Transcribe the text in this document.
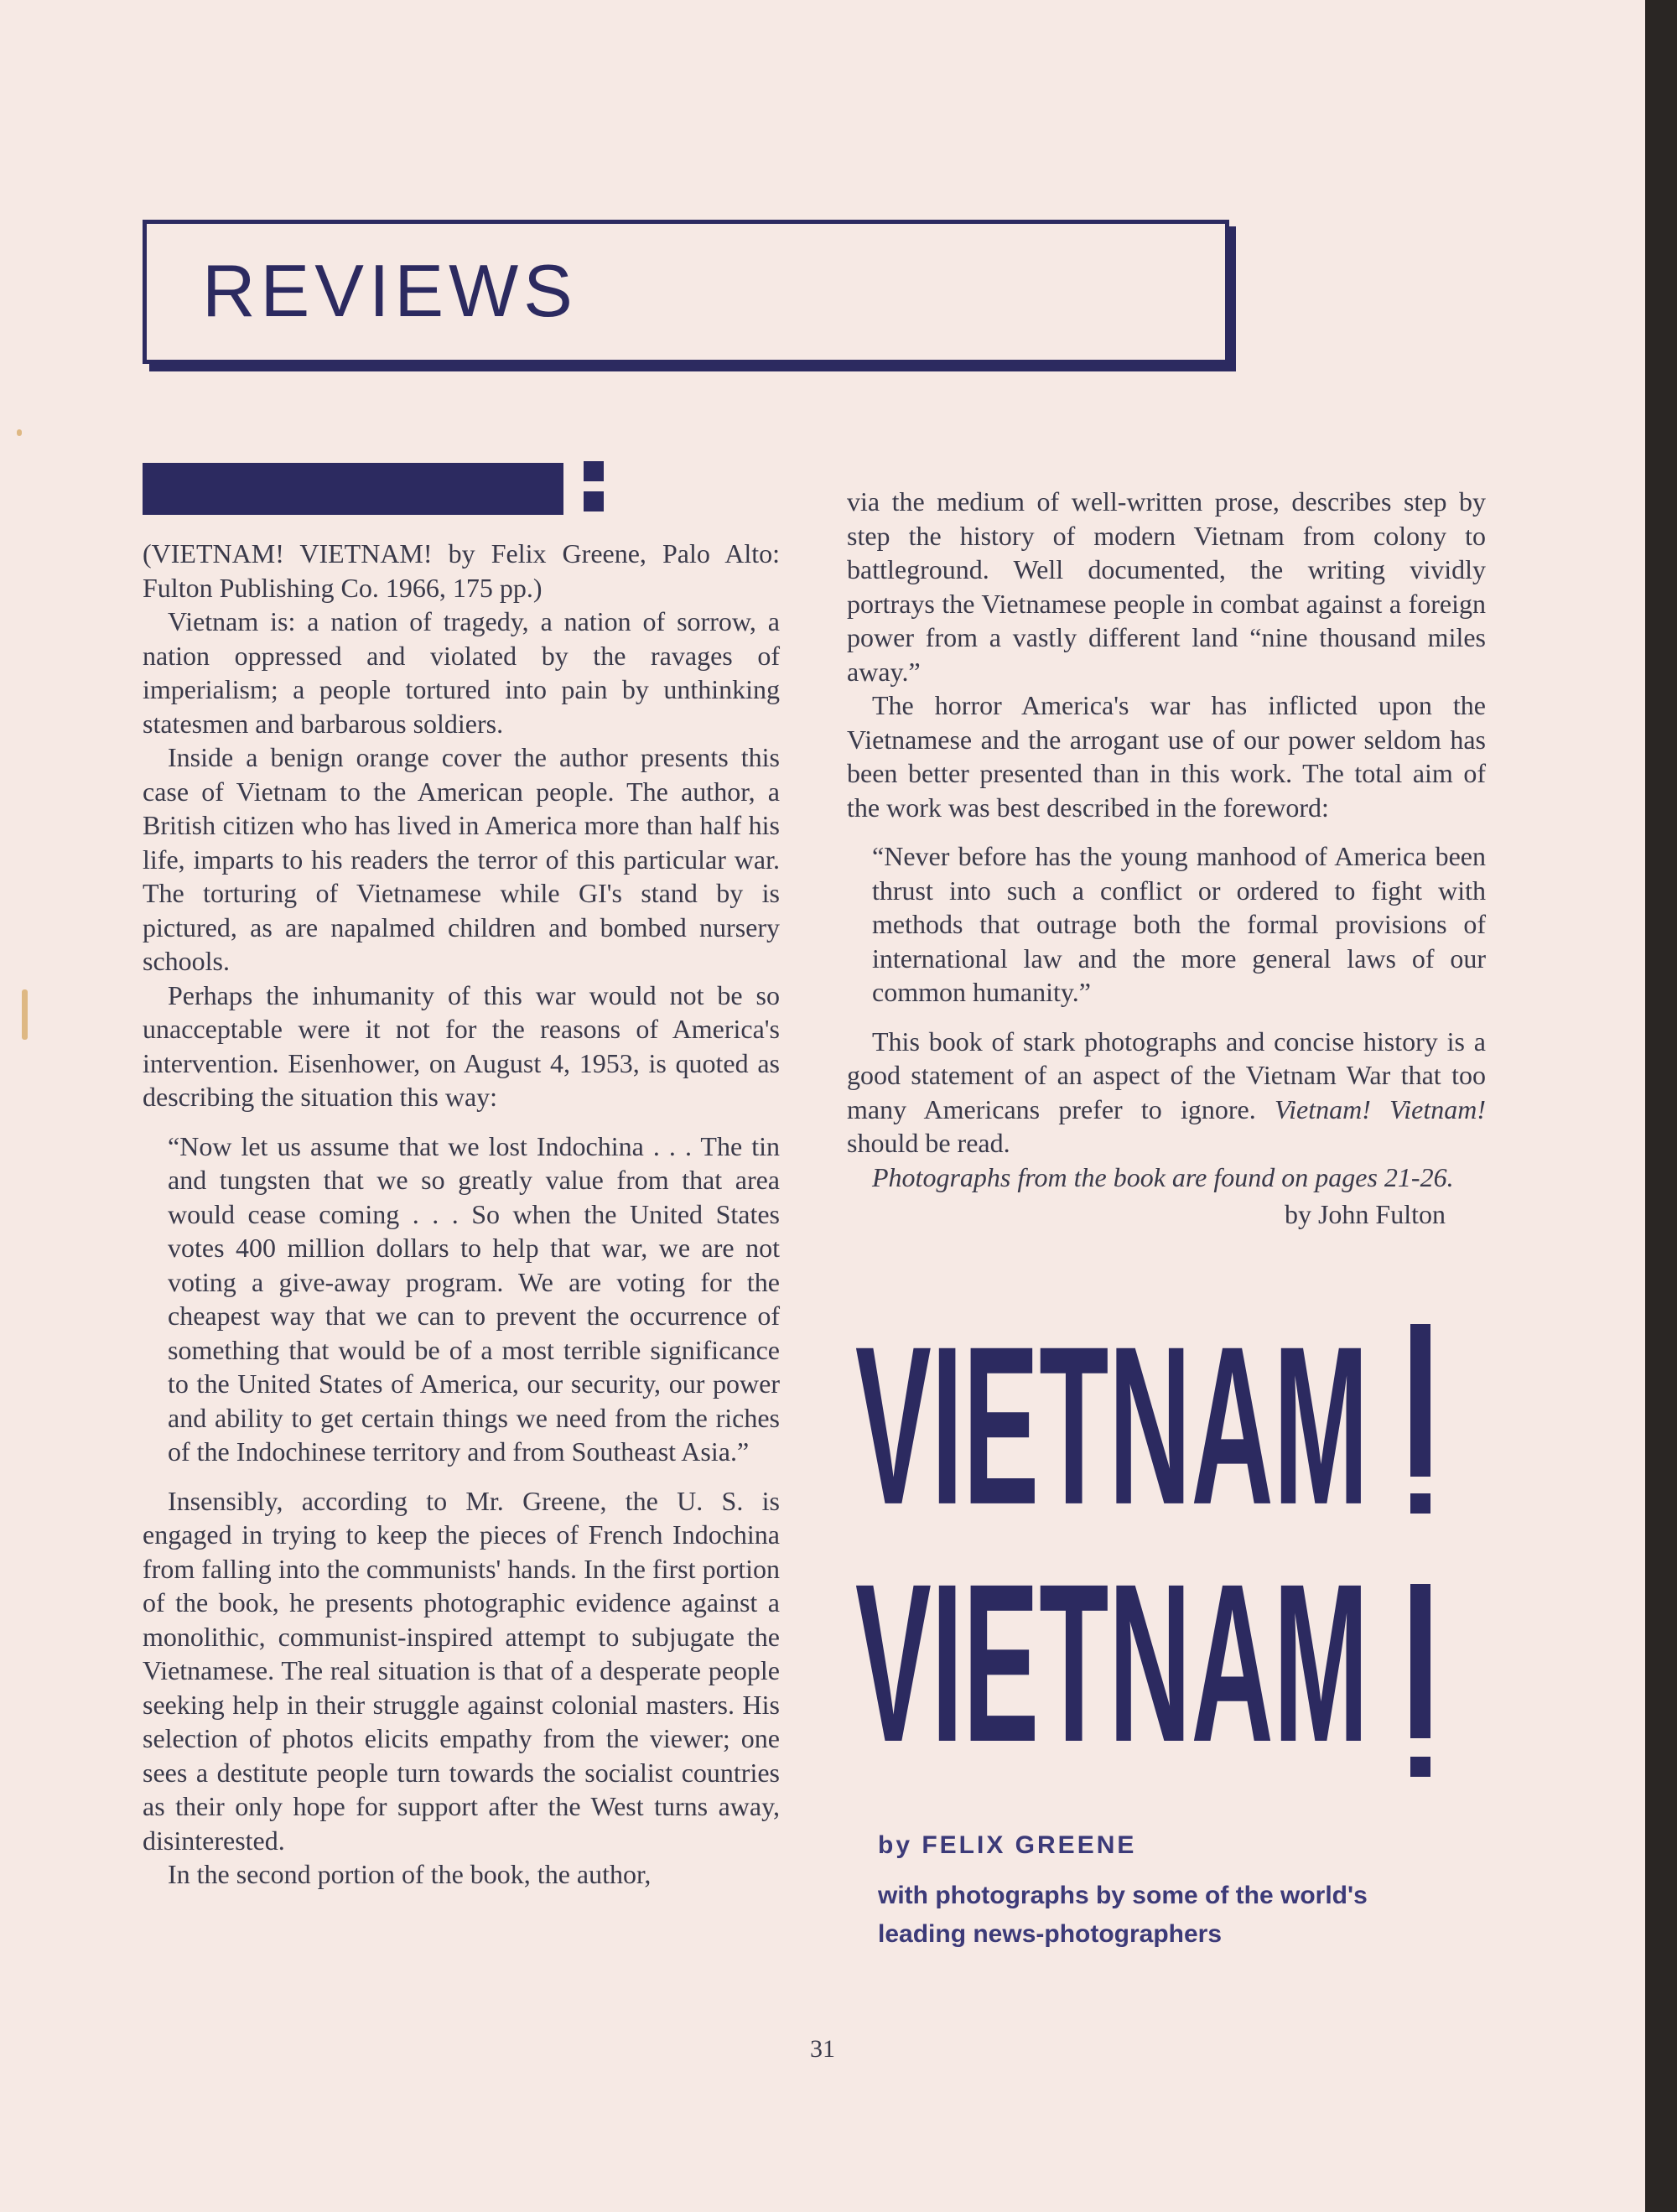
REVIEWS

(VIETNAM! VIETNAM! by Felix Greene, Palo Alto: Fulton Publishing Co. 1966, 175 pp.)

Vietnam is: a nation of tragedy, a nation of sorrow, a nation oppressed and violated by the ravages of imperialism; a people tortured into pain by unthinking statesmen and barbarous soldiers.

Inside a benign orange cover the author presents this case of Vietnam to the American people. The author, a British citizen who has lived in America more than half his life, imparts to his readers the terror of this particular war. The torturing of Vietnamese while GI's stand by is pictured, as are napalmed children and bombed nursery schools.

Perhaps the inhumanity of this war would not be so unacceptable were it not for the reasons of America's intervention. Eisenhower, on August 4, 1953, is quoted as describing the situation this way:

“Now let us assume that we lost Indochina . . . The tin and tungsten that we so greatly value from that area would cease coming . . . So when the United States votes 400 million dollars to help that war, we are not voting a give-away program. We are voting for the cheapest way that we can to prevent the occurrence of something that would be of a most terrible significance to the United States of America, our security, our power and ability to get certain things we need from the riches of the Indochinese territory and from Southeast Asia.”

Insensibly, according to Mr. Greene, the U. S. is engaged in trying to keep the pieces of French Indochina from falling into the communists' hands. In the first portion of the book, he presents photographic evidence against a monolithic, communist-inspired attempt to subjugate the Vietnamese. The real situation is that of a desperate people seeking help in their struggle against colonial masters. His selection of photos elicits empathy from the viewer; one sees a destitute people turn towards the socialist countries as their only hope for support after the West turns away, disinterested.

In the second portion of the book, the author,

via the medium of well-written prose, describes step by step the history of modern Vietnam from colony to battleground. Well documented, the writing vividly portrays the Vietnamese people in combat against a foreign power from a vastly different land “nine thousand miles away.”

The horror America's war has inflicted upon the Vietnamese and the arrogant use of our power seldom has been better presented than in this work. The total aim of the work was best described in the foreword:

“Never before has the young manhood of America been thrust into such a conflict or ordered to fight with methods that outrage both the formal provisions of international law and the more general laws of our common humanity.”

This book of stark photographs and concise history is a good statement of an aspect of the Vietnam War that too many Americans prefer to ignore. Vietnam! Vietnam! should be read.

Photographs from the book are found on pages 21-26.

by John Fulton

VIETNAM
VIETNAM
by FELIX GREENE
with photographs by some of the world's
leading news-photographers
31
